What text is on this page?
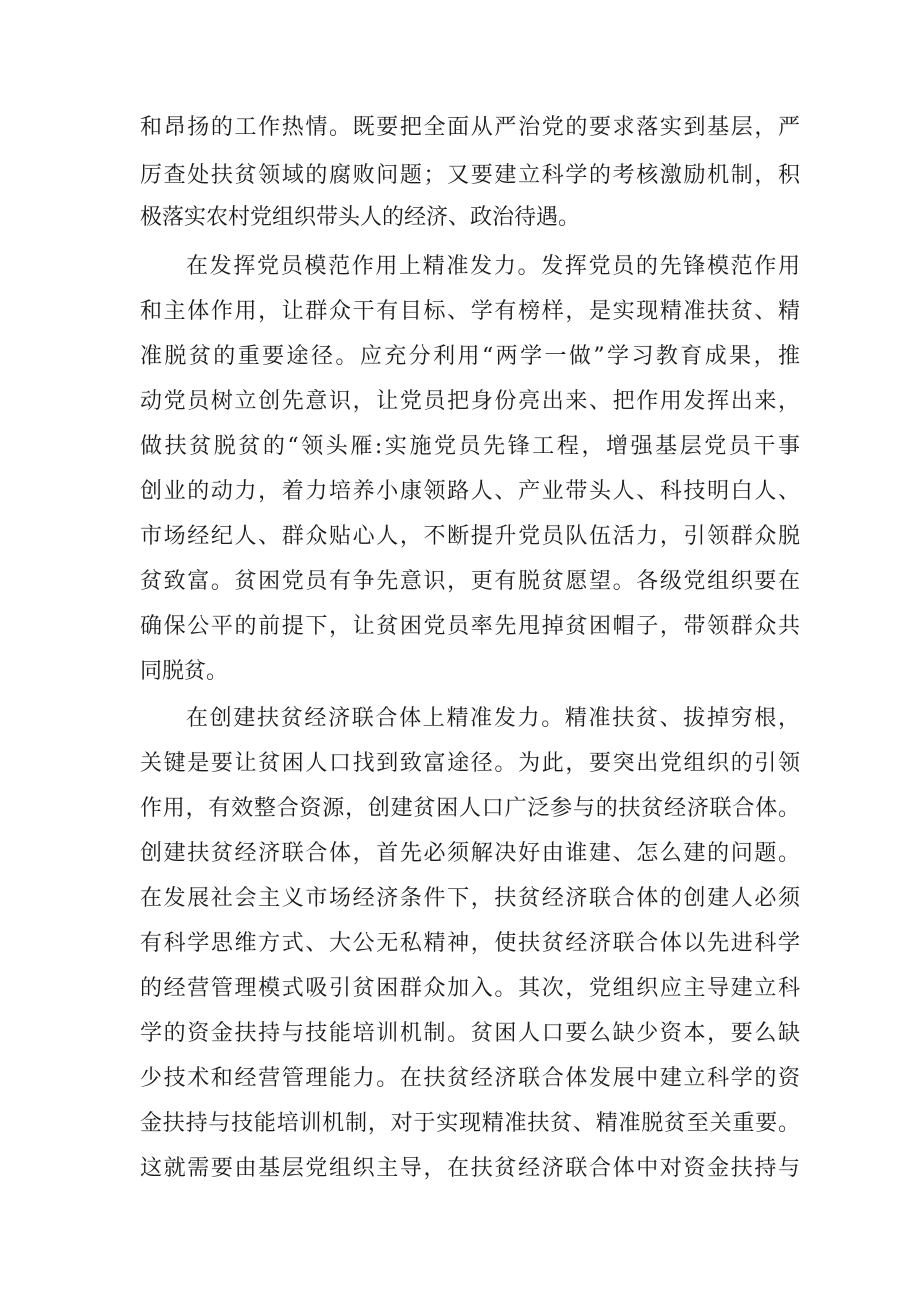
和昂扬的工作热情。既要把全面从严治党的要求落实到基层，严
厉查处扶贫领域的腐败问题；又要建立科学的考核激励机制，积
极落实农村党组织带头人的经济、政治待遇。
在发挥党员模范作用上精准发力。发挥党员的先锋模范作用
和主体作用，让群众干有目标、学有榜样，是实现精准扶贫、精
准脱贫的重要途径。应充分利用“两学一做”学习教育成果，推
动党员树立创先意识，让党员把身份亮出来、把作用发挥出来，
做扶贫脱贫的“领头雁:实施党员先锋工程，增强基层党员干事
创业的动力，着力培养小康领路人、产业带头人、科技明白人、
市场经纪人、群众贴心人，不断提升党员队伍活力，引领群众脱
贫致富。贫困党员有争先意识，更有脱贫愿望。各级党组织要在
确保公平的前提下，让贫困党员率先甩掉贫困帽子，带领群众共
同脱贫。
在创建扶贫经济联合体上精准发力。精准扶贫、拔掉穷根，
关键是要让贫困人口找到致富途径。为此，要突出党组织的引领
作用，有效整合资源，创建贫困人口广泛参与的扶贫经济联合体。
创建扶贫经济联合体，首先必须解决好由谁建、怎么建的问题。
在发展社会主义市场经济条件下，扶贫经济联合体的创建人必须
有科学思维方式、大公无私精神，使扶贫经济联合体以先进科学
的经营管理模式吸引贫困群众加入。其次，党组织应主导建立科
学的资金扶持与技能培训机制。贫困人口要么缺少资本，要么缺
少技术和经营管理能力。在扶贫经济联合体发展中建立科学的资
金扶持与技能培训机制，对于实现精准扶贫、精准脱贫至关重要。
这就需要由基层党组织主导，在扶贫经济联合体中对资金扶持与
